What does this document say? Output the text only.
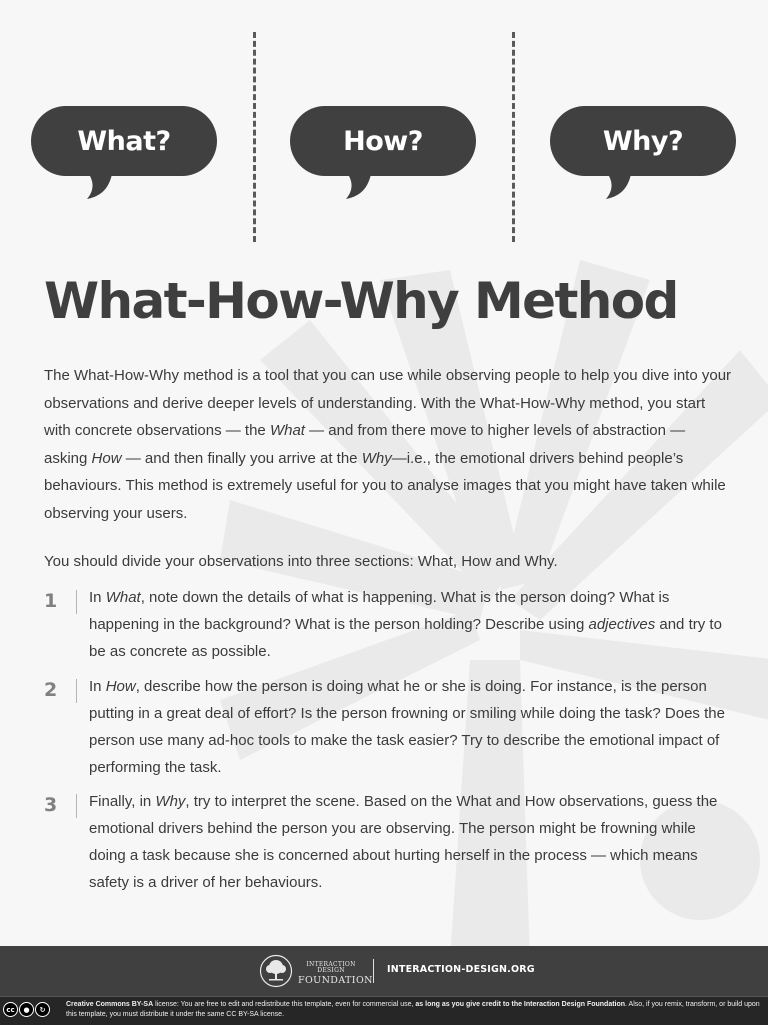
What?	How?	Why?
What-How-Why Method

The What-How-Why method is a tool that you can use while observing people to help you dive into your observations and derive deeper levels of understanding. With the What-How-Why method, you start with concrete observations — the What — and from there move to higher levels of abstraction — asking How — and then finally you arrive at the Why—i.e., the emotional drivers behind people’s behaviours. This method is extremely useful for you to analyse images that you might have taken while observing your users.

You should divide your observations into three sections: What, How and Why.

1 In What, note down the details of what is happening. What is the person doing? What is happening in the background? What is the person holding? Describe using adjectives and try to be as concrete as possible.

2 In How, describe how the person is doing what he or she is doing. For instance, is the person putting in a great deal of effort? Is the person frowning or smiling while doing the task? Does the person use many ad-hoc tools to make the task easier? Try to describe the emotional impact of performing the task.

3 Finally, in Why, try to interpret the scene. Based on the What and How observations, guess the emotional drivers behind the person you are observing. The person might be frowning while doing a task because she is concerned about hurting herself in the process — which means safety is a driver of her behaviours.

INTERACTION DESIGN
FOUNDATION
INTERACTION-DESIGN.ORG
cc	●	↻
Creative Commons BY-SA license: You are free to edit and redistribute this template, even for commercial use, as long as you give credit to the Interaction Design Foundation. Also, if you remix, transform, or build upon this template, you must distribute it under the same CC BY-SA license.
